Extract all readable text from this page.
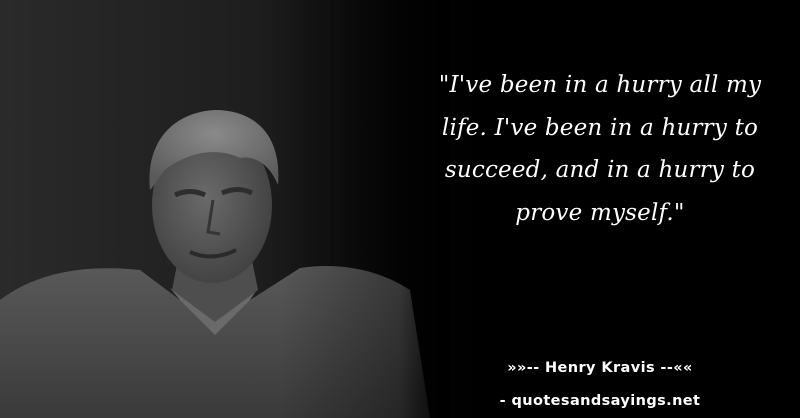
"I've been in a hurry all my life. I've been in a hurry to succeed, and in a hurry to prove myself."
»»-- Henry Kravis --««
- quotesandsayings.net
